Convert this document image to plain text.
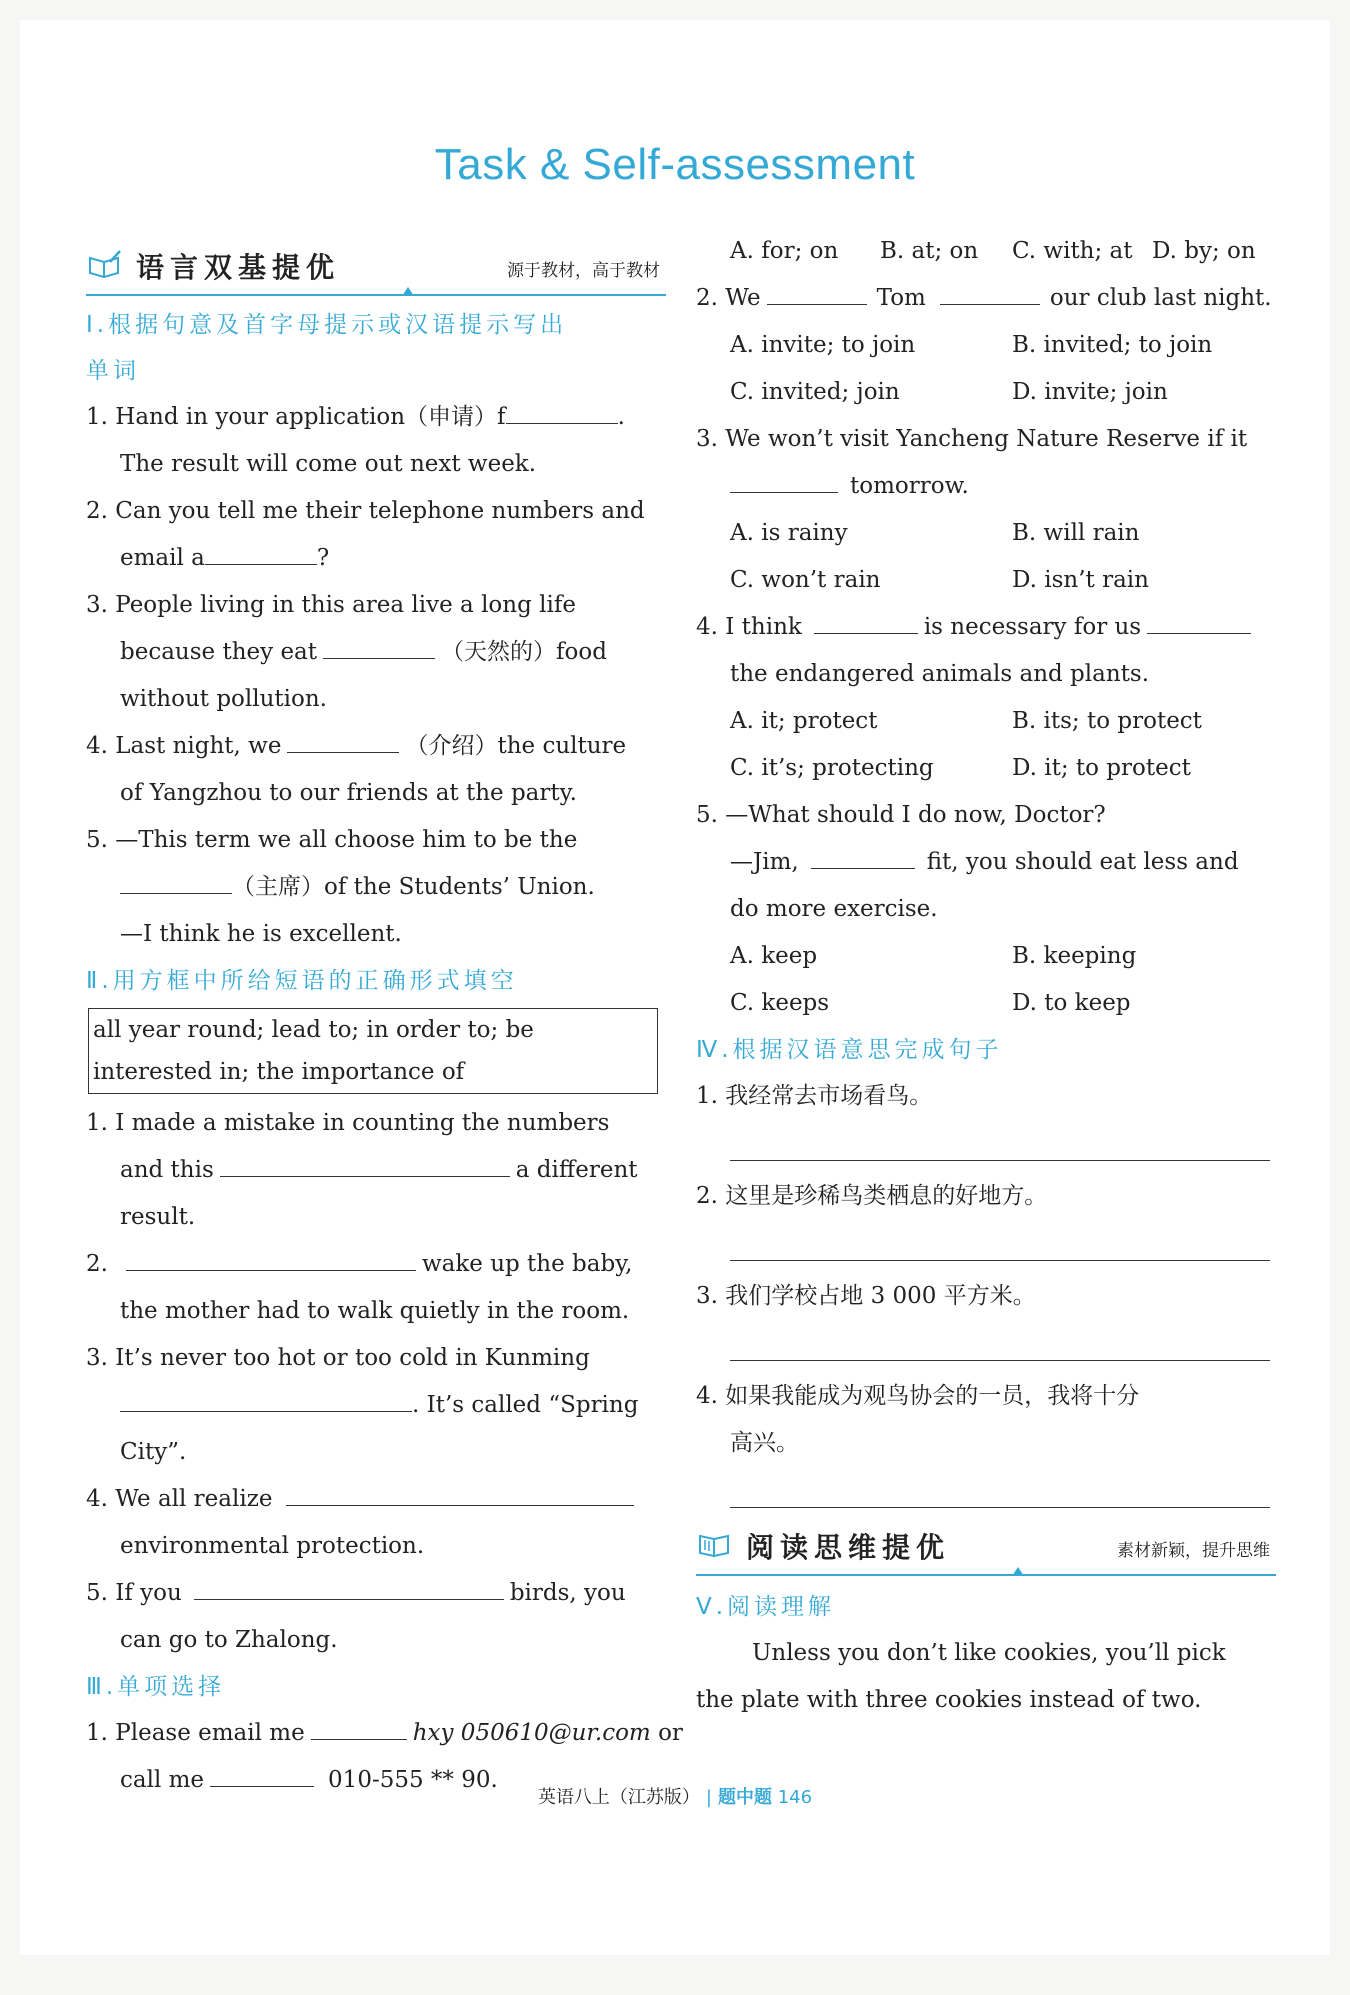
Task & Self-assessment
语言双基提优	源于教材，高于教材
Ⅰ.根据句意及首字母提示或汉语提示写出
单词
1. Hand in your application（申请）f	.
The result will come out next week.
2. Can you tell me their telephone numbers and
email a	?
3. People living in this area live a long life
because they eat	（天然的）food
without pollution.
4. Last night, we	（介绍）the culture
of Yangzhou to our friends at the party.
5. —This term we all choose him to be the
（主席）of the Students’ Union.
—I think he is excellent.
Ⅱ.用方框中所给短语的正确形式填空
all year round; lead to; in order to; be
interested in; the importance of
1. I made a mistake in counting the numbers
and this	a different
result.
2.	wake up the baby,
the mother had to walk quietly in the room.
3. It’s never too hot or too cold in Kunming
. It’s called “Spring
City”.
4. We all realize
environmental protection.
5. If you	birds, you
can go to Zhalong.
Ⅲ.单项选择
1. Please email me	hxy 050610@ur.com or
call me	010-555 ** 90.
A. for; on	B. at; on	C. with; at D. by; on
2. We	Tom	our club last night.
A. invite; to join	B. invited; to join
C. invited; join	D. invite; join
3. We won’t visit Yancheng Nature Reserve if it
tomorrow.
A. is rainy	B. will rain
C. won’t rain	D. isn’t rain
4. I think	is necessary for us
the endangered animals and plants.
A. it; protect	B. its; to protect
C. it’s; protecting	D. it; to protect
5. —What should I do now, Doctor?
—Jim,	fit, you should eat less and
do more exercise.
A. keep	B. keeping
C. keeps	D. to keep
Ⅳ.根据汉语意思完成句子
1. 我经常去市场看鸟。
2. 这里是珍稀鸟类栖息的好地方。
3. 我们学校占地 3 000 平方米。
4. 如果我能成为观鸟协会的一员，我将十分
高兴。
阅读思维提优	素材新颖，提升思维
Ⅴ.阅读理解
Unless you don’t like cookies, you’ll pick
the plate with three cookies instead of two.
英语八上（江苏版） | 题中题 146
